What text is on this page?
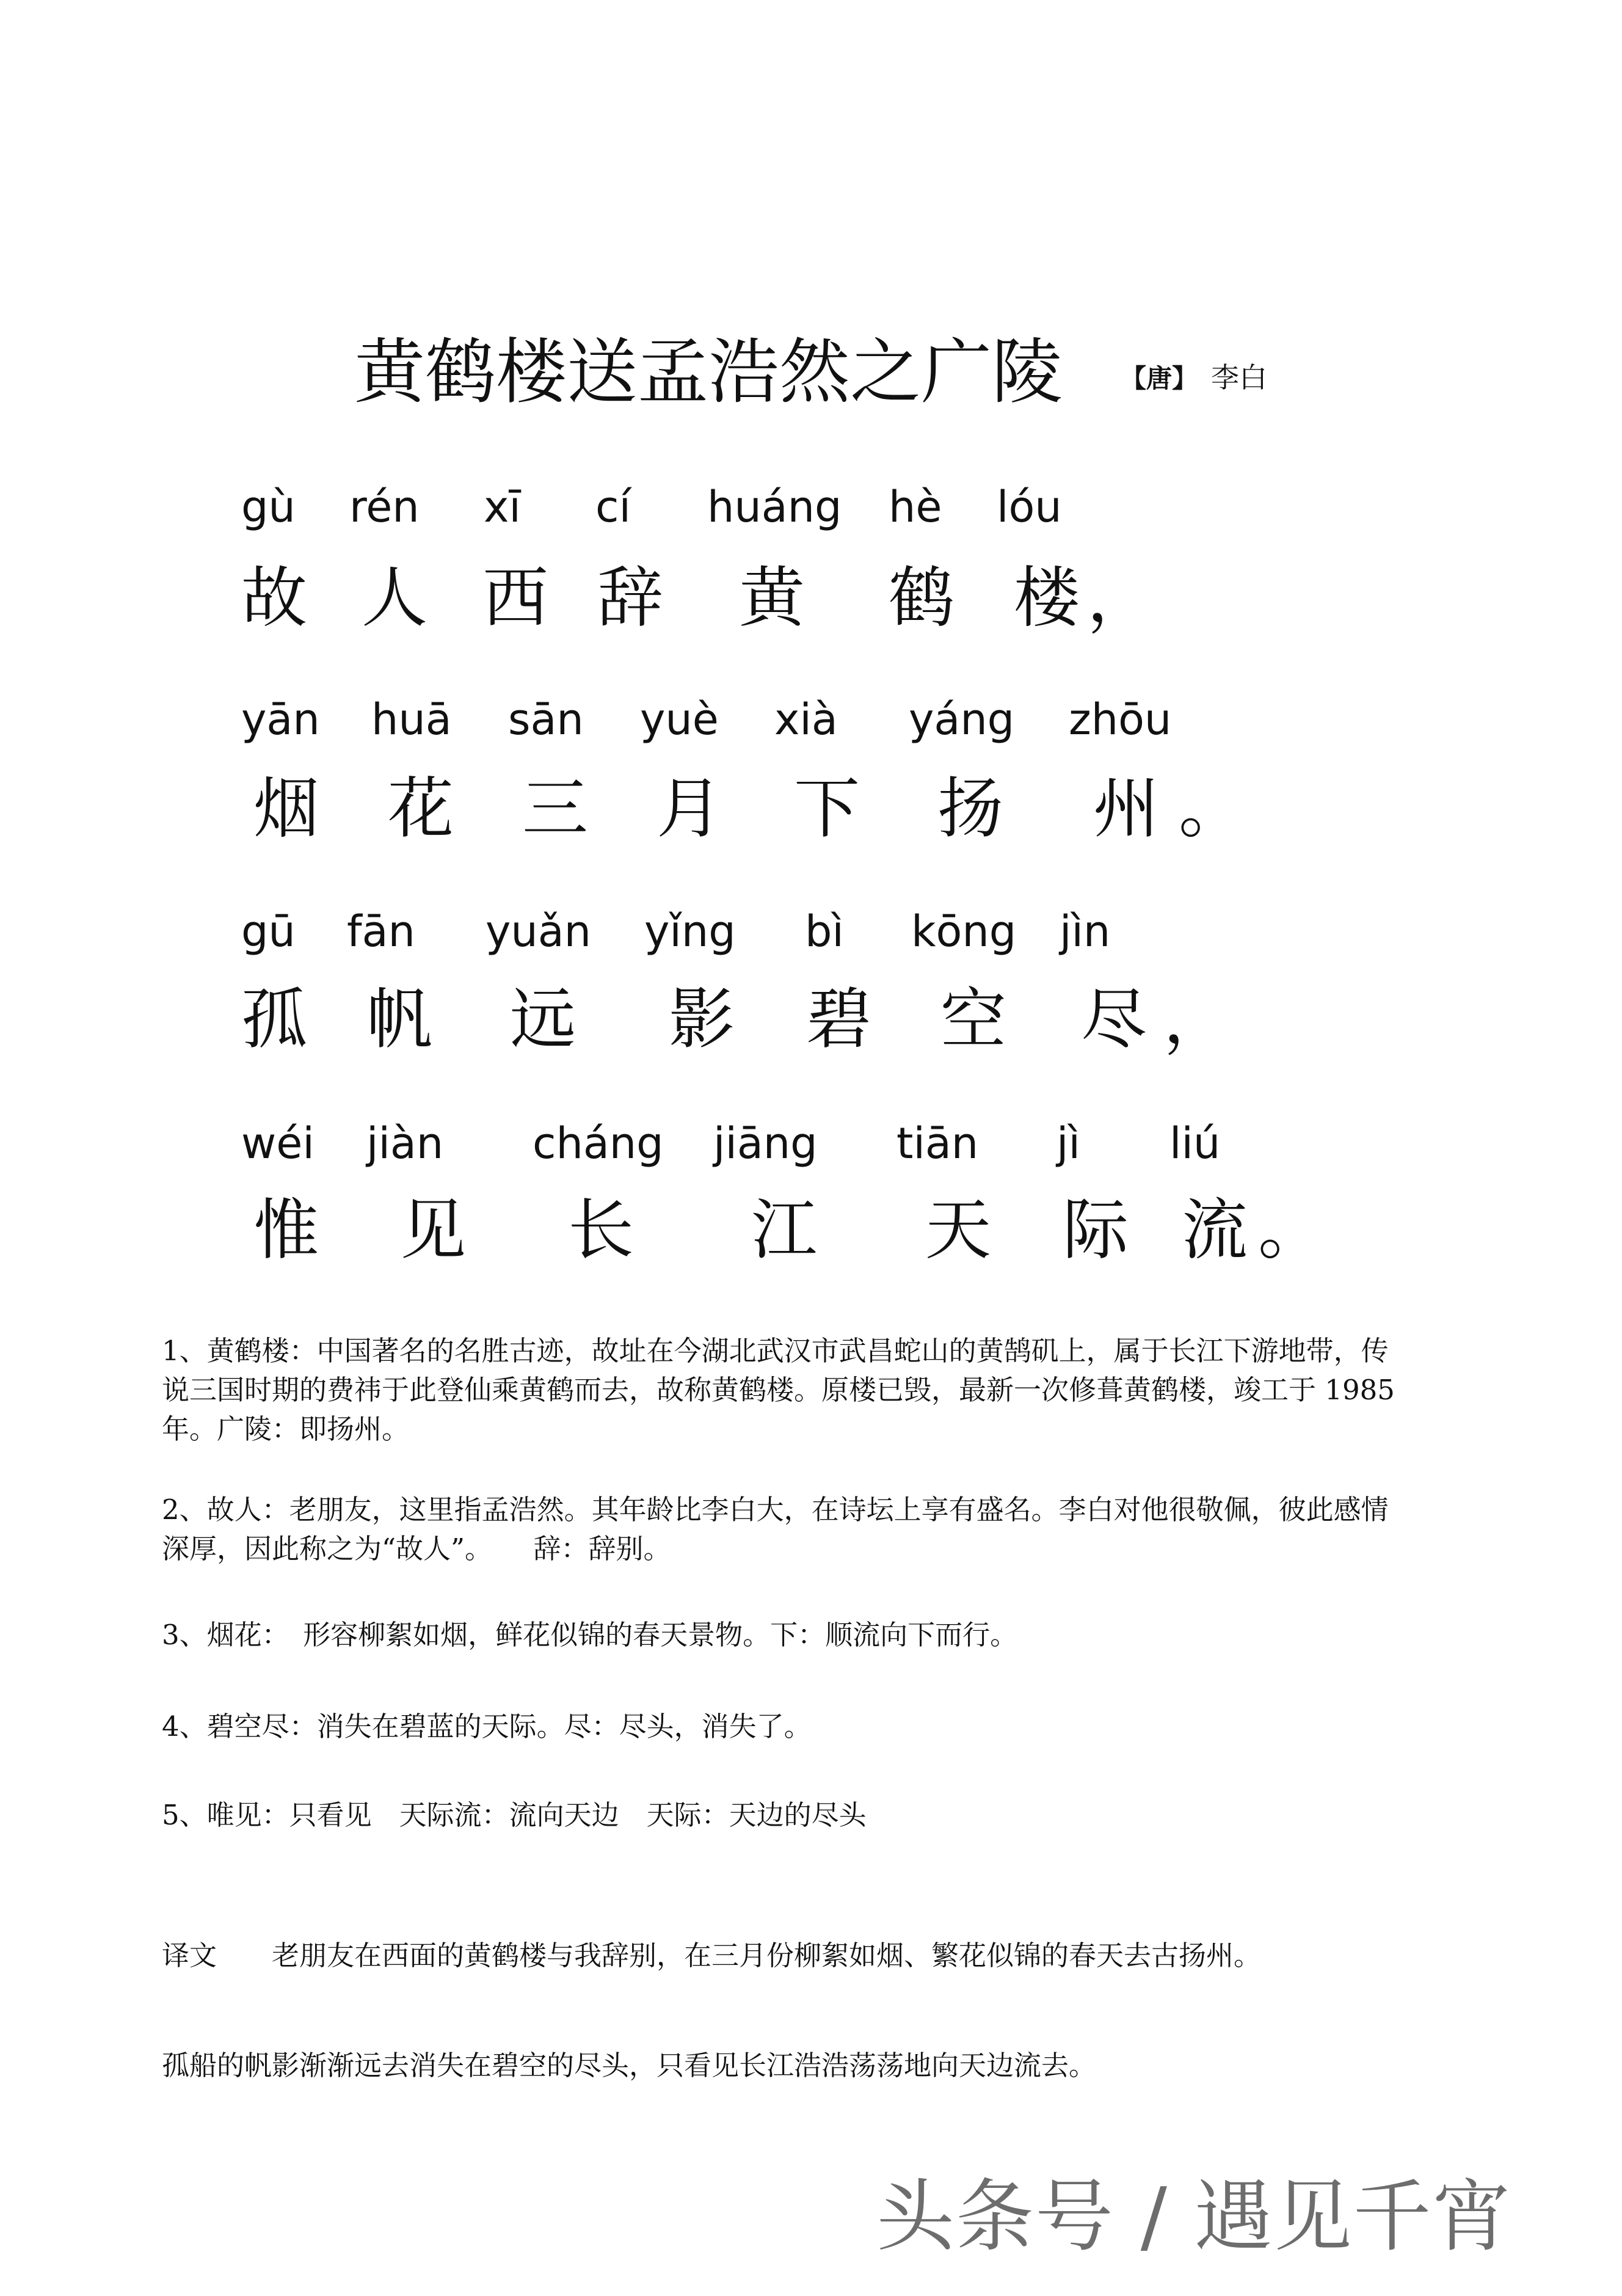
黄鹤楼送孟浩然之广陵 【唐】 李白
gù rén xī cí huáng hè lóu
故 人 西 辞 黄 鹤 楼 ，
yān huā sān yuè xià yáng zhōu
烟 花 三 月 下 扬 州 。
gū fān yuǎn yǐng bì kōng jìn
孤 帆 远 影 碧 空 尽 ，
wéi jiàn cháng jiāng tiān jì liú
惟 见 长 江 天 际 流 。
1、黄鹤楼：中国著名的名胜古迹，故址在今湖北武汉市武昌蛇山的黄鹄矶上，属于长江下游地带，传说三国时期的费祎于此登仙乘黄鹤而去，故称黄鹤楼。原楼已毁，最新一次修葺黄鹤楼，竣工于 1985年。广陵：即扬州。
2、故人：老朋友，这里指孟浩然。其年龄比李白大，在诗坛上享有盛名。李白对他很敬佩，彼此感情深厚，因此称之为“故人”。　　辞：辞别。
3、烟花：　形容柳絮如烟，鲜花似锦的春天景物。下：顺流向下而行。
4、碧空尽：消失在碧蓝的天际。尽：尽头，消失了。
5、唯见：只看见　天际流：流向天边　天际：天边的尽头
译文 老朋友在西面的黄鹤楼与我辞别，在三月份柳絮如烟、繁花似锦的春天去古扬州。
孤船的帆影渐渐远去消失在碧空的尽头，只看见长江浩浩荡荡地向天边流去。
头条号 / 遇见千宵
